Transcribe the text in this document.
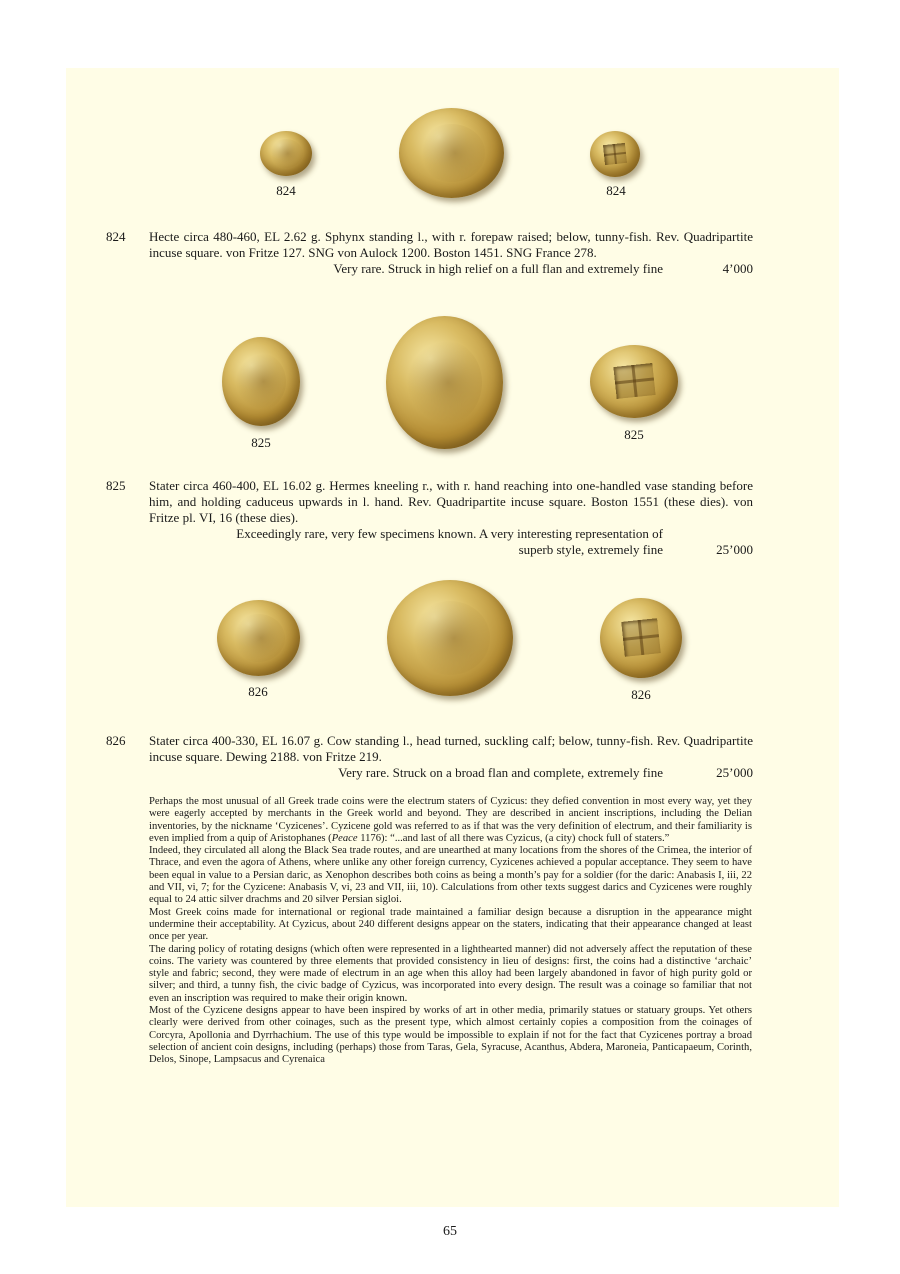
824	824
824 Hecte circa 480-460, EL 2.62 g. Sphynx standing l., with r. forepaw raised; below, tunny-fish. Rev. Quadripartite incuse square. von Fritze 127. SNG von Aulock 1200. Boston 1451. SNG France 278.
Very rare. Struck in high relief on a full flan and extremely fine	4’000
825
825
825 Stater circa 460-400, EL 16.02 g. Hermes kneeling r., with r. hand reaching into one-handled vase standing before him, and holding caduceus upwards in l. hand. Rev. Quadripartite incuse square. Boston 1551 (these dies). von Fritze pl. VI, 16 (these dies).
Exceedingly rare, very few specimens known. A very interesting representation of
superb style, extremely fine	25’000
826	826
826 Stater circa 400-330, EL 16.07 g. Cow standing l., head turned, suckling calf; below, tunny-fish. Rev. Quadripartite incuse square. Dewing 2188. von Fritze 219.
Very rare. Struck on a broad flan and complete, extremely fine	25’000

Perhaps the most unusual of all Greek trade coins were the electrum staters of Cyzicus: they defied convention in most every way, yet they were eagerly accepted by merchants in the Greek world and beyond. They are described in ancient inscriptions, including the Delian inventories, by the nickname ‘Cyzicenes’. Cyzicene gold was referred to as if that was the very definition of electrum, and their familiarity is even implied from a quip of Aristophanes (Peace 1176): “...and last of all there was Cyzicus, (a city) chock full of staters.”

Indeed, they circulated all along the Black Sea trade routes, and are unearthed at many locations from the shores of the Crimea, the interior of Thrace, and even the agora of Athens, where unlike any other foreign currency, Cyzicenes achieved a popular acceptance. They seem to have been equal in value to a Persian daric, as Xenophon describes both coins as being a month’s pay for a soldier (for the daric: Anabasis I, iii, 22 and VII, vi, 7; for the Cyzicene: Anabasis V, vi, 23 and VII, iii, 10). Calculations from other texts suggest darics and Cyzicenes were roughly equal to 24 attic silver drachms and 20 silver Persian sigloi.

Most Greek coins made for international or regional trade maintained a familiar design because a disruption in the appearance might undermine their acceptability. At Cyzicus, about 240 different designs appear on the staters, indicating that their appearance changed at least once per year.

The daring policy of rotating designs (which often were represented in a lighthearted manner) did not adversely affect the reputation of these coins. The variety was countered by three elements that provided consistency in lieu of designs: first, the coins had a distinctive ‘archaic’ style and fabric; second, they were made of electrum in an age when this alloy had been largely abandoned in favor of high purity gold or silver; and third, a tunny fish, the civic badge of Cyzicus, was incorporated into every design. The result was a coinage so familiar that not even an inscription was required to make their origin known.

Most of the Cyzicene designs appear to have been inspired by works of art in other media, primarily statues or statuary groups. Yet others clearly were derived from other coinages, such as the present type, which almost certainly copies a composition from the coinages of Corcyra, Apollonia and Dyrrhachium. The use of this type would be impossible to explain if not for the fact that Cyzicenes portray a broad selection of ancient coin designs, including (perhaps) those from Taras, Gela, Syracuse, Acanthus, Abdera, Maroneia, Panticapaeum, Corinth, Delos, Sinope, Lampsacus and Cyrenaica

65
